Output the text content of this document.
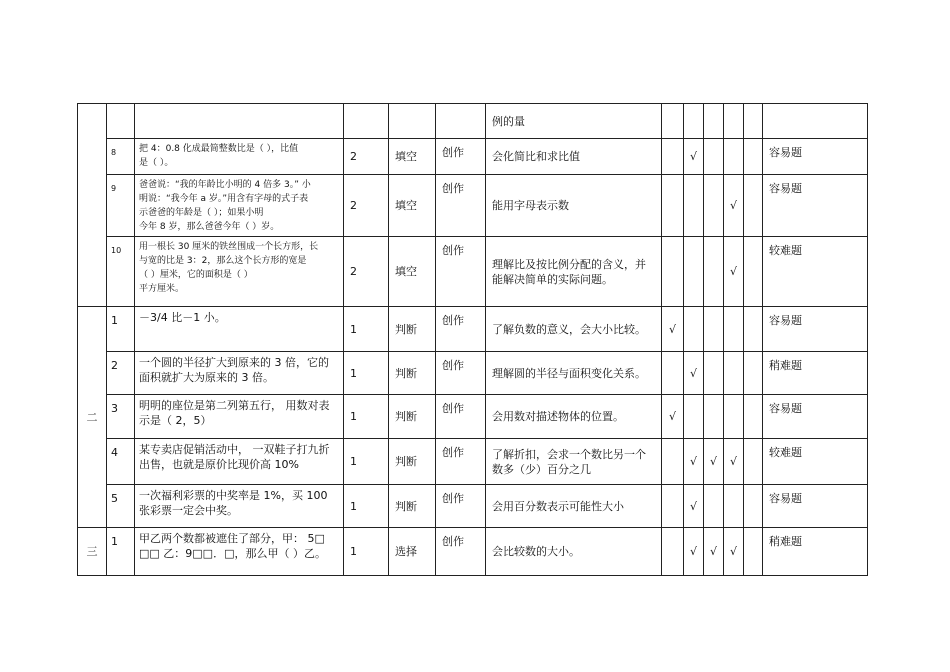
						例的量						
	8	把 4：0.8 化成最简整数比是（ ），比值
是（ ）。	2	填空	创作	会化简比和求比值		√				容易题
	9	爸爸说：“我的年龄比小明的 4 倍多 3。” 小
明说：“我今年 a 岁。”用含有字母的式子表
示爸爸的年龄是（ ）；如果小明
今年 8 岁，那么爸爸今年（ ）岁。	2	填空	创作	能用字母表示数				√		容易题
	10	用一根长 30 厘米的铁丝围成一个长方形，长
与宽的比是 3：2，那么这个长方形的宽是
（ ）厘米，它的面积是（ ）
平方厘米。	2	填空	创作	理解比及按比例分配的含义，并
能解决简单的实际问题。				√		较难题
二	1	－3/4 比－1 小。	1	判断	创作	了解负数的意义，会大小比较。	√					容易题
	2	一个圆的半径扩大到原来的 3 倍，它的
面积就扩大为原来的 3 倍。	1	判断	创作	理解圆的半径与面积变化关系。		√				稍难题
	3	明明的座位是第二列第五行， 用数对表
示是（ 2，5）	1	判断	创作	会用数对描述物体的位置。	√					容易题
	4	某专卖店促销活动中， 一双鞋子打九折
出售，也就是原价比现价高 10%	1	判断	创作	了解折扣，会求一个数比另一个
数多（少）百分之几		√	√	√		较难题
	5	一次福利彩票的中奖率是 1%，买 100
张彩票一定会中奖。	1	判断	创作	会用百分数表示可能性大小		√				容易题
三	1	甲乙两个数都被遮住了部分，甲： 5□
□□ 乙：9□□．□，那么甲（ ）乙。	1	选择	创作	会比较数的大小。		√	√	√		稍难题
